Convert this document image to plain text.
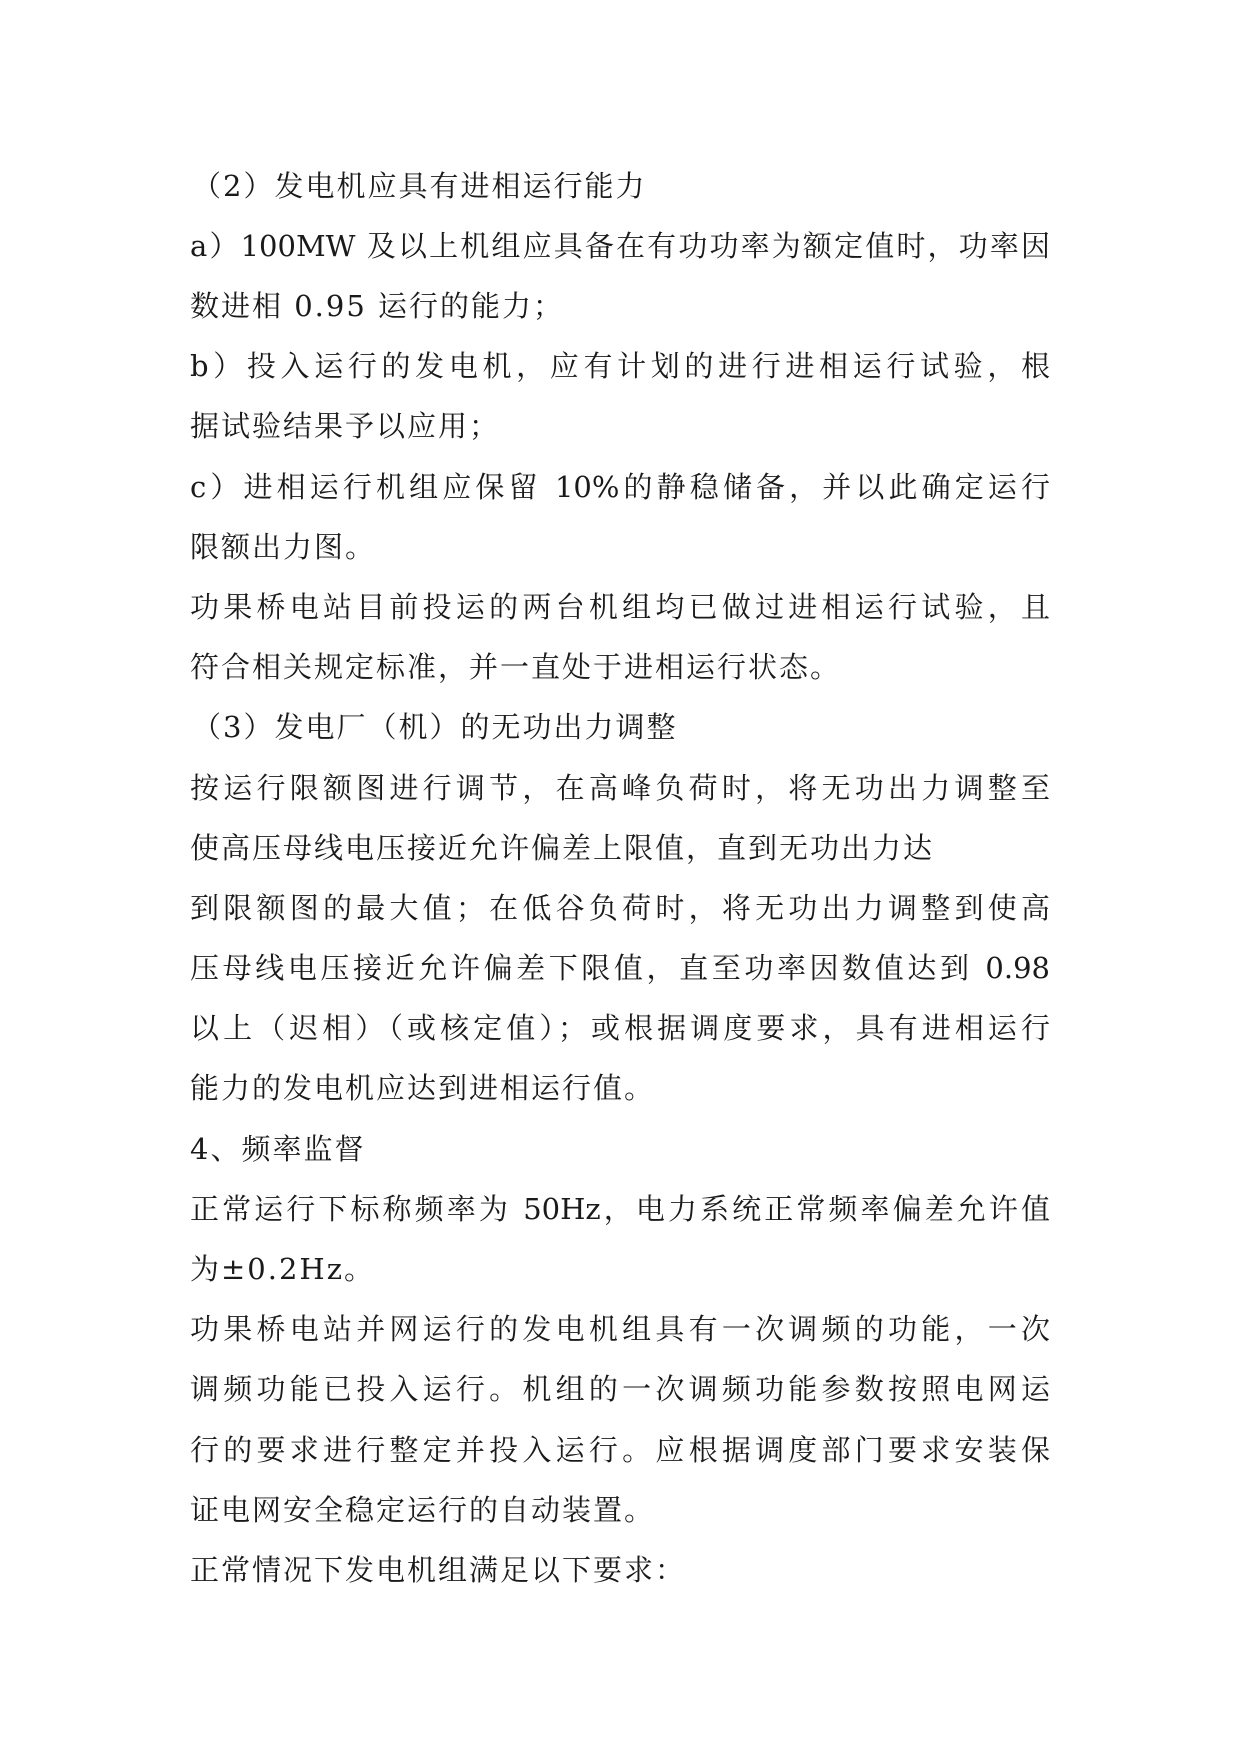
（2）发电机应具有进相运行能力
a）100MW 及以上机组应具备在有功功率为额定值时，功率因
数进相 0.95 运行的能力；
b）投入运行的发电机，应有计划的进行进相运行试验，根
据试验结果予以应用；
c）进相运行机组应保留 10%的静稳储备，并以此确定运行
限额出力图。
功果桥电站目前投运的两台机组均已做过进相运行试验，且
符合相关规定标准，并一直处于进相运行状态。
（3）发电厂（机）的无功出力调整
按运行限额图进行调节，在高峰负荷时，将无功出力调整至
使高压母线电压接近允许偏差上限值，直到无功出力达
到限额图的最大值；在低谷负荷时，将无功出力调整到使高
压母线电压接近允许偏差下限值，直至功率因数值达到 0.98
以上（迟相）（或核定值）；或根据调度要求，具有进相运行
能力的发电机应达到进相运行值。
4、频率监督
正常运行下标称频率为 50Hz，电力系统正常频率偏差允许值
为±0.2Hz。
功果桥电站并网运行的发电机组具有一次调频的功能，一次
调频功能已投入运行。机组的一次调频功能参数按照电网运
行的要求进行整定并投入运行。应根据调度部门要求安装保
证电网安全稳定运行的自动装置。
正常情况下发电机组满足以下要求：
